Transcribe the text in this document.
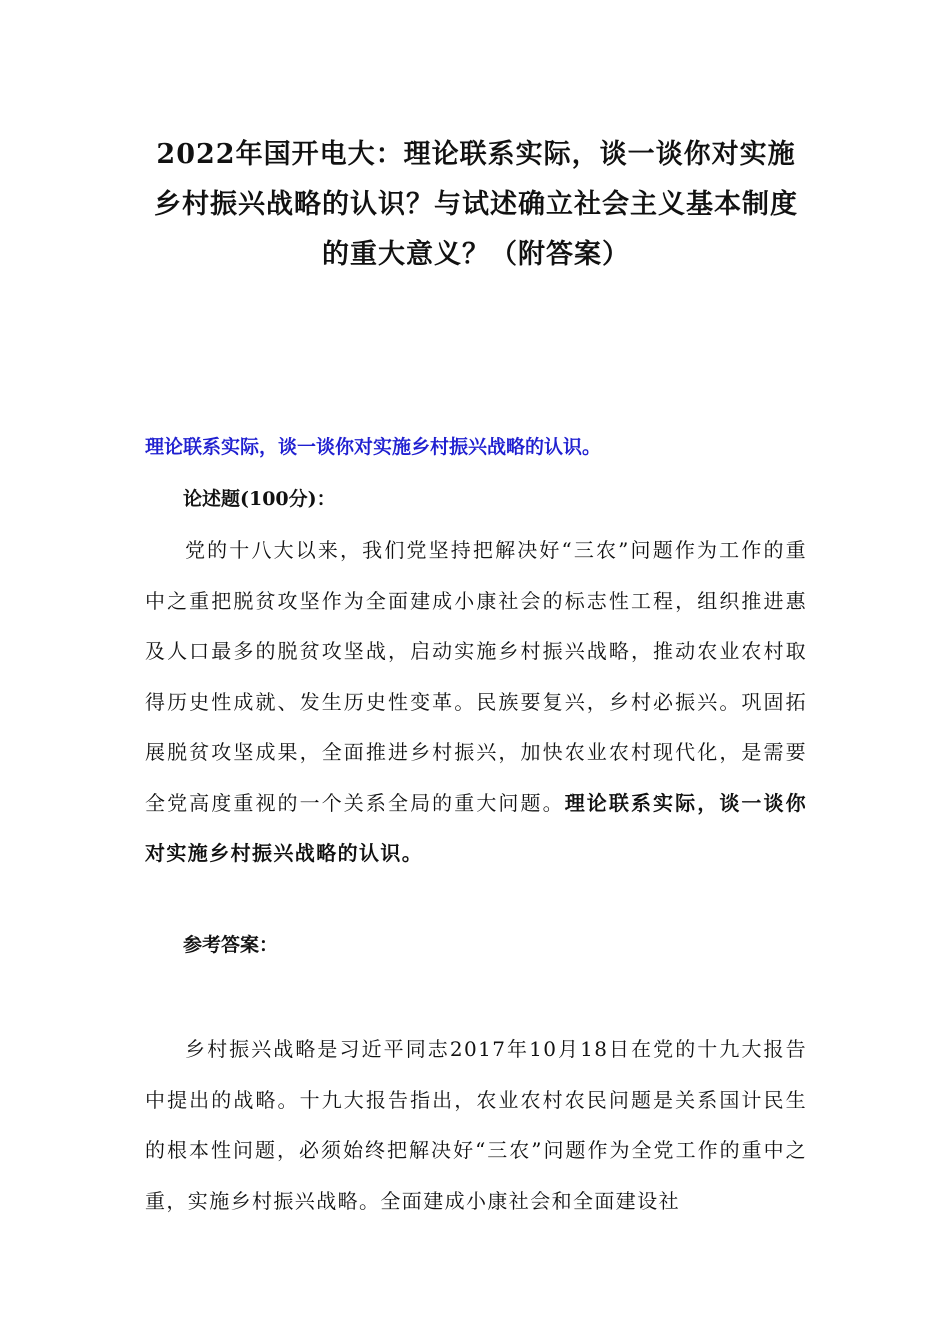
2022年国开电大：理论联系实际，谈一谈你对实施
乡村振兴战略的认识？与试述确立社会主义基本制度
的重大意义？（附答案）

理论联系实际，谈一谈你对实施乡村振兴战略的认识。

论述题(100分)：

党的十八大以来，我们党坚持把解决好“三农”问题作为工作的重中之重把脱贫攻坚作为全面建成小康社会的标志性工程，组织推进惠及人口最多的脱贫攻坚战，启动实施乡村振兴战略，推动农业农村取得历史性成就、发生历史性变革。民族要复兴，乡村必振兴。巩固拓展脱贫攻坚成果，全面推进乡村振兴，加快农业农村现代化，是需要全党高度重视的一个关系全局的重大问题。理论联系实际，谈一谈你对实施乡村振兴战略的认识。

参考答案：

乡村振兴战略是习近平同志2017年10月18日在党的十九大报告中提出的战略。十九大报告指出，农业农村农民问题是关系国计民生的根本性问题，必须始终把解决好“三农”问题作为全党工作的重中之重，实施乡村振兴战略。全面建成小康社会和全面建设社
